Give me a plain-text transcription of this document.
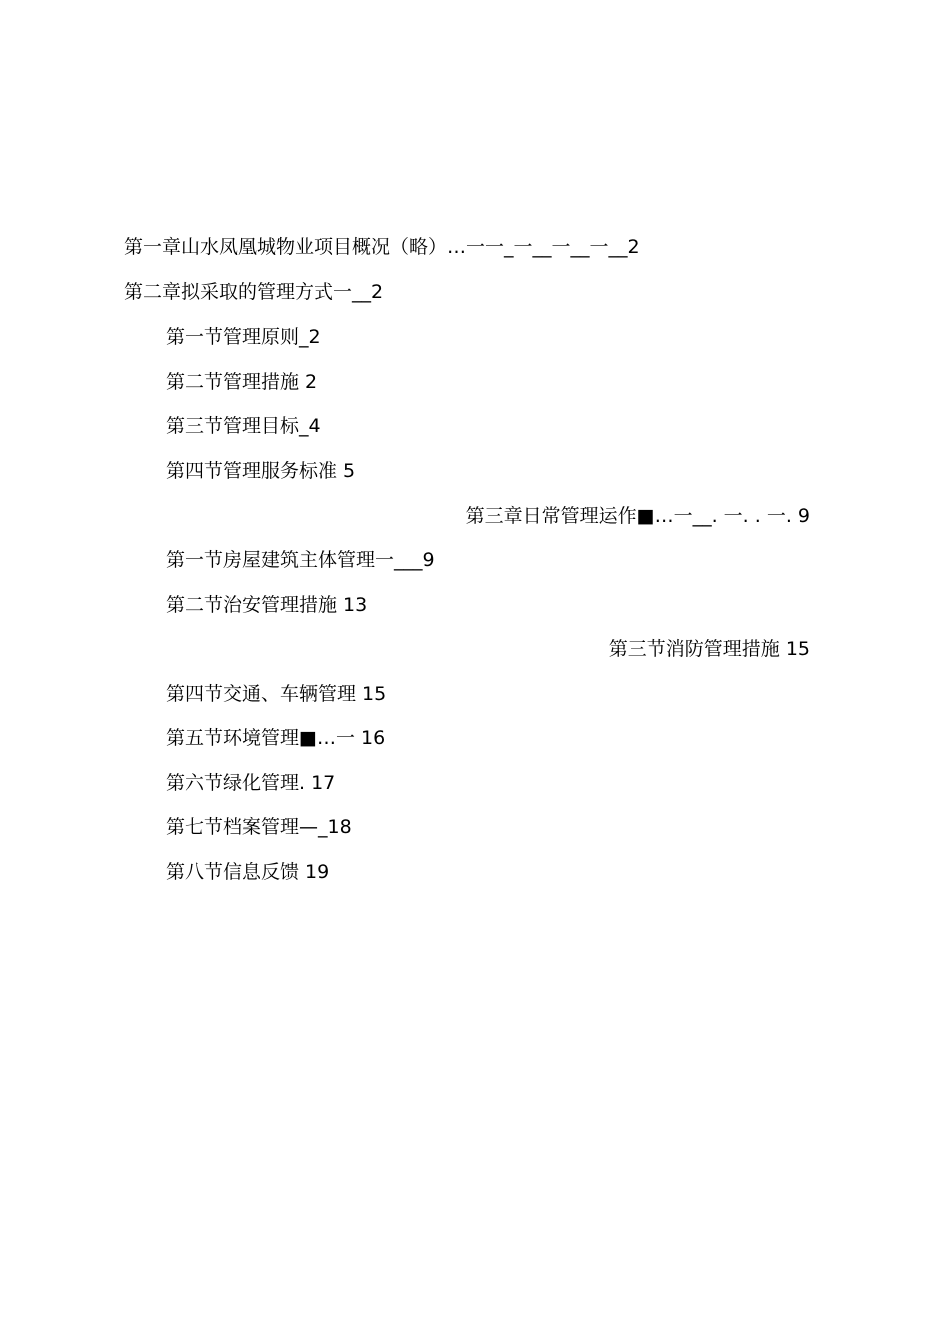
第一章山水凤凰城物业项目概况（略）…一一_一__一__一__2
第二章拟采取的管理方式一__2
第一节管理原则_2
第二节管理措施 2
第三节管理目标_4
第四节管理服务标准 5
第三章日常管理运作■…一__. 一. . 一. 9
第一节房屋建筑主体管理一___9
第二节治安管理措施 13
第三节消防管理措施 15
第四节交通、车辆管理 15
第五节环境管理■…一 16
第六节绿化管理. 17
第七节档案管理—_18
第八节信息反馈 19
